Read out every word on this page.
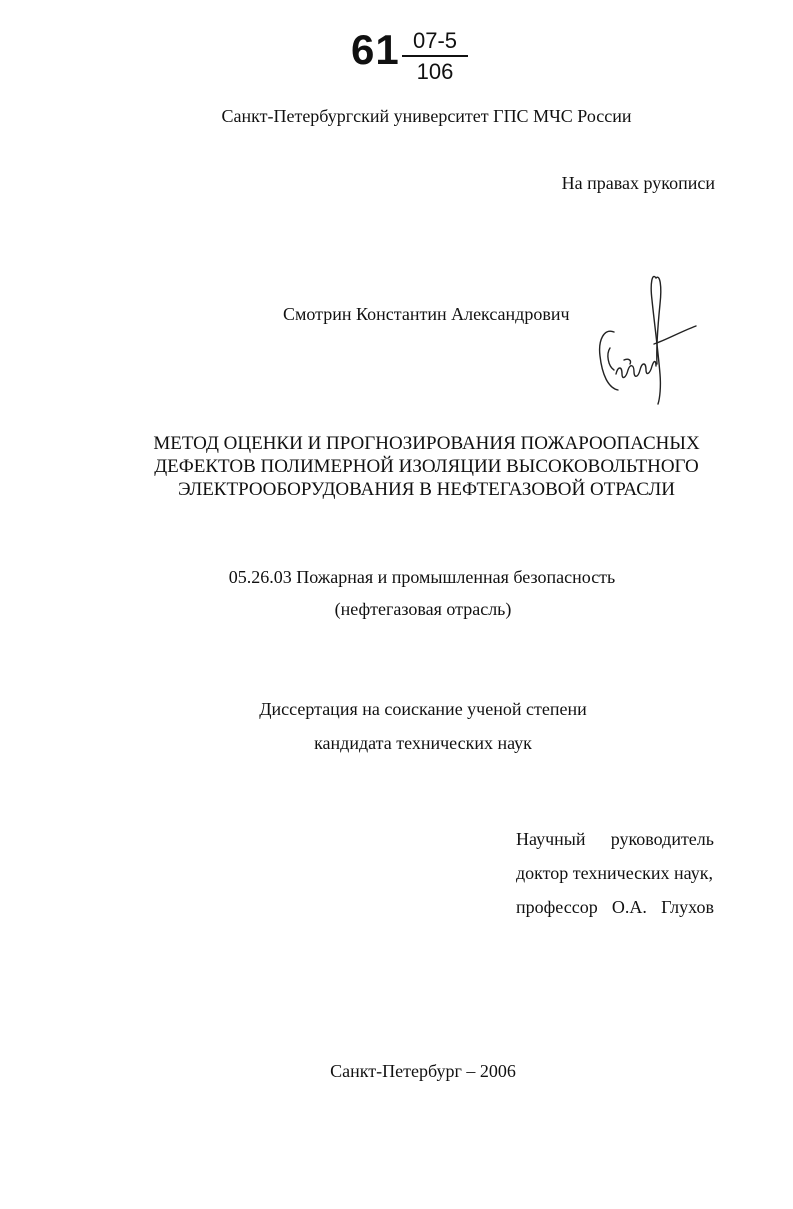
61 07-5
106
Санкт-Петербургский университет ГПС МЧС России
На правах рукописи
Смотрин Константин Александрович
МЕТОД ОЦЕНКИ И ПРОГНОЗИРОВАНИЯ ПОЖАРООПАСНЫХ
ДЕФЕКТОВ ПОЛИМЕРНОЙ ИЗОЛЯЦИИ ВЫСОКОВОЛЬТНОГО
ЭЛЕКТРООБОРУДОВАНИЯ В НЕФТЕГАЗОВОЙ ОТРАСЛИ
05.26.03 Пожарная и промышленная безопасность
(нефтегазовая отрасль)
Диссертация на соискание ученой степени
кандидата технических наук
Научный руководитель
доктор технических наук,
профессор О.А. Глухов
Санкт-Петербург – 2006
